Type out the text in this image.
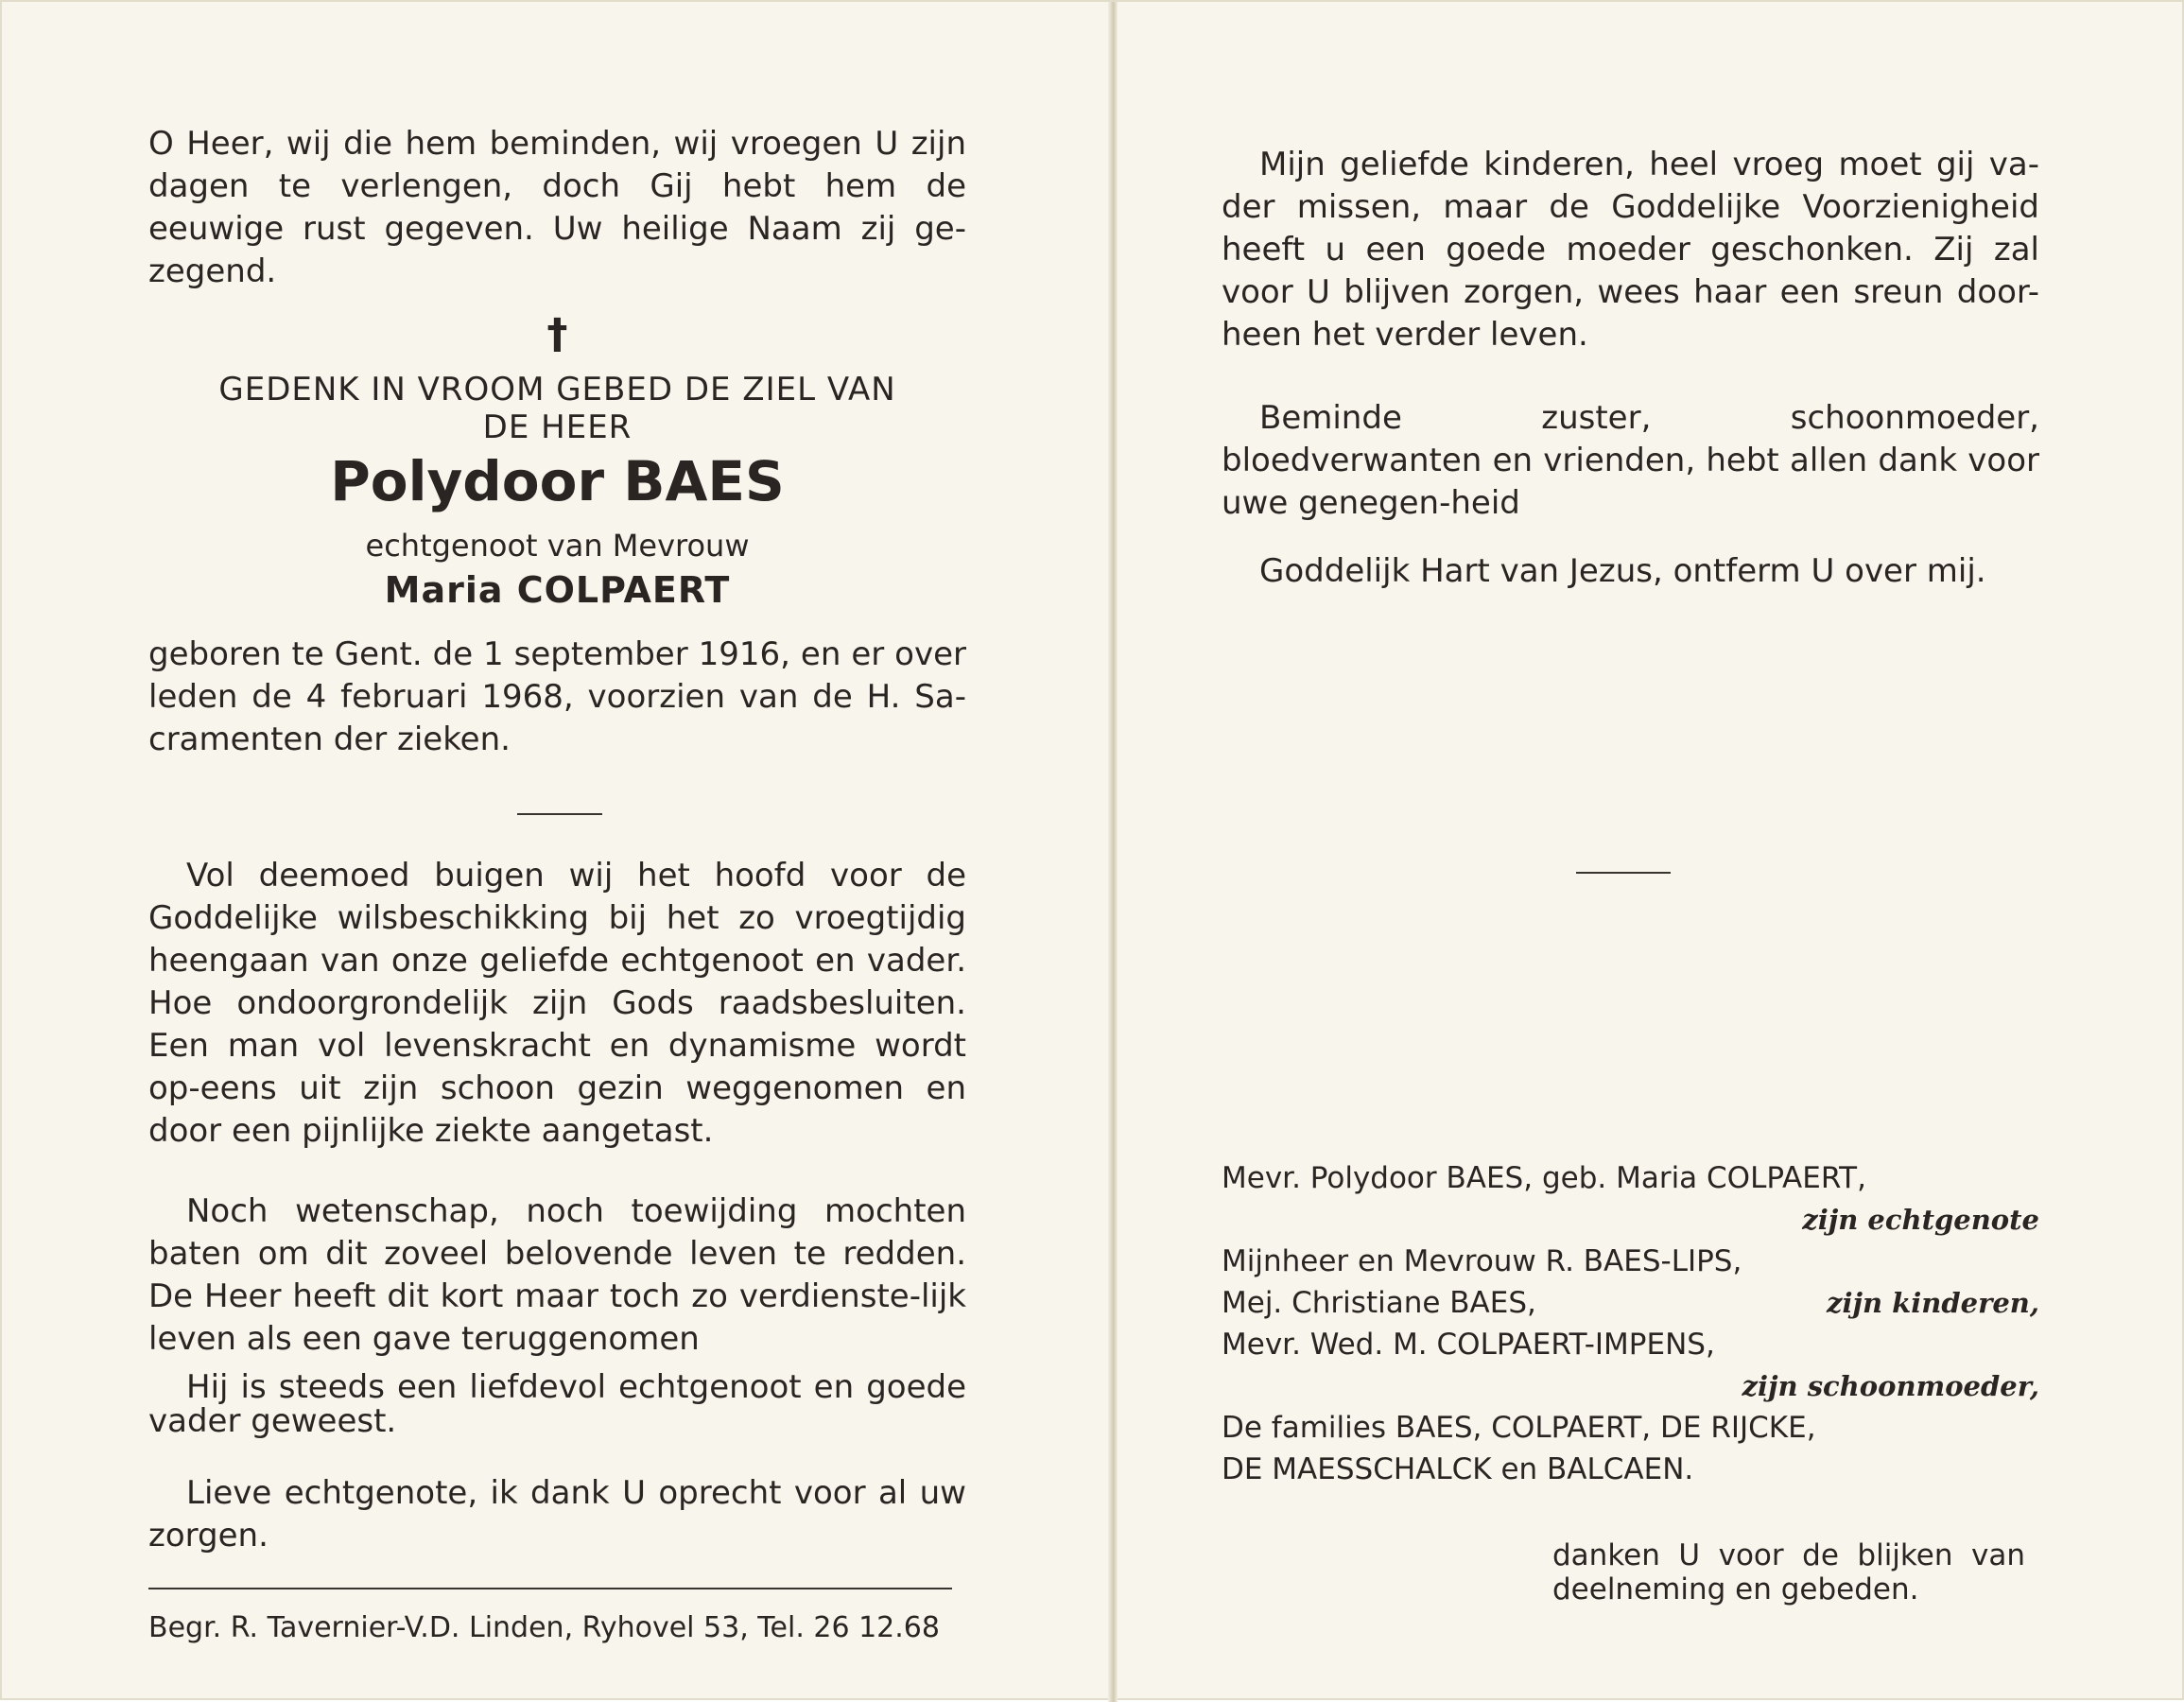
O Heer, wij die hem beminden, wij vroegen U zijn dagen te verlengen, doch Gij hebt hem de eeuwige rust gegeven. Uw heilige Naam zij ge-zegend.

†
GEDENK IN VROOM GEBED DE ZIEL VAN
DE HEER
Polydoor BAES
echtgenoot van Mevrouw
Maria COLPAERT

geboren te Gent. de 1 september 1916, en er over leden de 4 februari 1968, voorzien van de H. Sa-cramenten der zieken.

Vol deemoed buigen wij het hoofd voor de Goddelijke wilsbeschikking bij het zo vroegtijdig heengaan van onze geliefde echtgenoot en vader. Hoe ondoorgrondelijk zijn Gods raadsbesluiten. Een man vol levenskracht en dynamisme wordt op-eens uit zijn schoon gezin weggenomen en door een pijnlijke ziekte aangetast.

Noch wetenschap, noch toewijding mochten baten om dit zoveel belovende leven te redden. De Heer heeft dit kort maar toch zo verdienste-lijk leven als een gave teruggenomen

Hij is steeds een liefdevol echtgenoot en goede vader geweest.

Lieve echtgenote, ik dank U oprecht voor al uw zorgen.

Begr. R. Tavernier-V.D. Linden, Ryhovel 53, Tel. 26 12.68

Mijn geliefde kinderen, heel vroeg moet gij va-der missen, maar de Goddelijke Voorzienigheid heeft u een goede moeder geschonken. Zij zal voor U blijven zorgen, wees haar een sreun door-heen het verder leven.

Beminde zuster, schoonmoeder, bloedverwanten en vrienden, hebt allen dank voor uwe genegen-heid

Goddelijk Hart van Jezus, ontferm U over mij.

Mevr. Polydoor BAES, geb. Maria COLPAERT,
zijn echtgenote
Mijnheer en Mevrouw R. BAES-LIPS,
Mej. Christiane BAES,	zijn kinderen,
Mevr. Wed. M. COLPAERT-IMPENS,
zijn schoonmoeder,
De families BAES, COLPAERT, DE RIJCKE,
DE MAESSCHALCK en BALCAEN.
danken U voor de blijken van deelneming en gebeden.
